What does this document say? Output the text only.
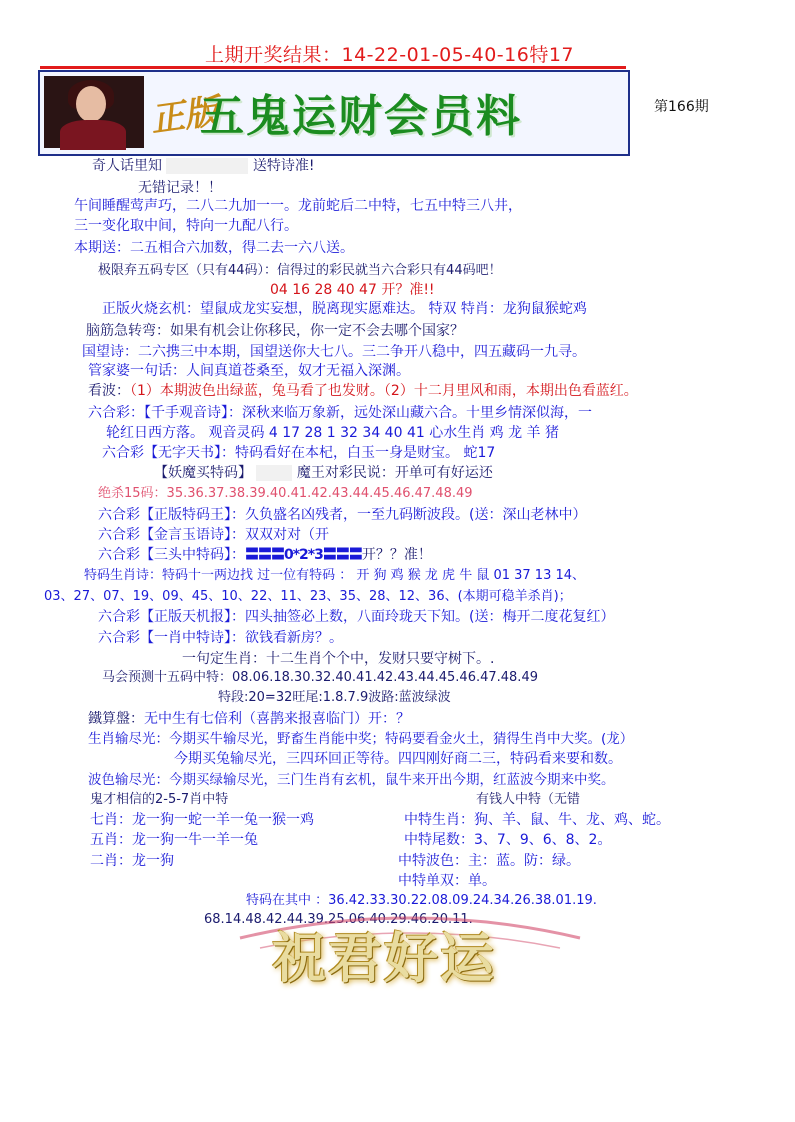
上期开奖结果：14-22-01-05-40-16特17
正版
五鬼运财会员料	第166期
奇人话里知	送特诗准!
无错记录！！
午间睡醒莺声巧，二八二九加一一。龙前蛇后二中特，七五中特三八井，
三一变化取中间，特向一九配八行。
本期送：二五相合六加数，得二去一六八送。
极限弃五码专区（只有44码）：信得过的彩民就当六合彩只有44码吧！
04 16 28 40 47 开？准!!
正版火烧玄机：望鼠成龙实妄想，脱离现实愿难达。 特双 特肖：龙狗鼠猴蛇鸡
脑筋急转弯：如果有机会让你移民，你一定不会去哪个国家？
国望诗：二六携三中本期，国望送你大七八。三二争开八稳中，四五藏码一九寻。
管家婆一句话：人间真道苍桑至，奴才无福入深渊。
看波：（1）本期波色出绿蓝，兔马看了也发财。（2）十二月里风和雨，本期出色看蓝红。
六合彩：【千手观音诗】：深秋来临万象新，远处深山藏六合。十里乡情深似海，一
轮红日西方落。 观音灵码 4 17 28 1 32 34 40 41 心水生肖 鸡 龙 羊 猪
六合彩【无字天书】：特码看好在本杞，白玉一身是财宝。 蛇17
【妖魔买特码】	魔王对彩民说：开单可有好运还
绝杀15码：35.36.37.38.39.40.41.42.43.44.45.46.47.48.49
六合彩【正版特码王】：久负盛名凶残者，一至九码断波段。(送：深山老林中）
六合彩【金言玉语诗】：双双对对（开
六合彩【三头中特码】：〓〓〓0*2*3〓〓〓开？？准！
特码生肖诗：特码十一两边找 过一位有特码 ： 开 狗 鸡 猴 龙 虎 牛 鼠 01 37 13 14、
03、27、07、19、09、45、10、22、11、23、35、28、12、36、(本期可稳羊杀肖)；
六合彩【正版天机报】：四头抽签必上数，八面玲珑天下知。(送：梅开二度花复红）
六合彩【一肖中特诗】：欲钱看新房？。
一句定生肖：十二生肖个个中，发财只要守树下。.
马会预测十五码中特：08.06.18.30.32.40.41.42.43.44.45.46.47.48.49
特段:20=32旺尾:1.8.7.9波路:蓝波绿波
鐵算盤：无中生有七倍利（喜鹊来报喜临门）开：？
生肖输尽光：今期买牛输尽光，野畜生肖能中奖；特码要看金火土，猜得生肖中大奖。(龙）
今期买兔输尽光，三四环回正等待。四四刚好商二三，特码看来要和数。
波色输尽光：今期买绿输尽光，三门生肖有玄机，鼠牛来开出今期，红蓝波今期来中奖。
鬼才相信的2-5-7肖中特	有钱人中特（无错
七肖：龙一狗一蛇一羊一兔一猴一鸡	中特生肖：狗、羊、鼠、牛、龙、鸡、蛇。
五肖：龙一狗一牛一羊一兔	中特尾数：3、7、9、6、8、2。
二肖：龙一狗	中特波色：主：蓝。防：绿。
中特单双：单。
特码在其中 ：36.42.33.30.22.08.09.24.34.26.38.01.19.
68.14.48.42.44.39.25.06.40.29.46.20.11.
祝君好运
